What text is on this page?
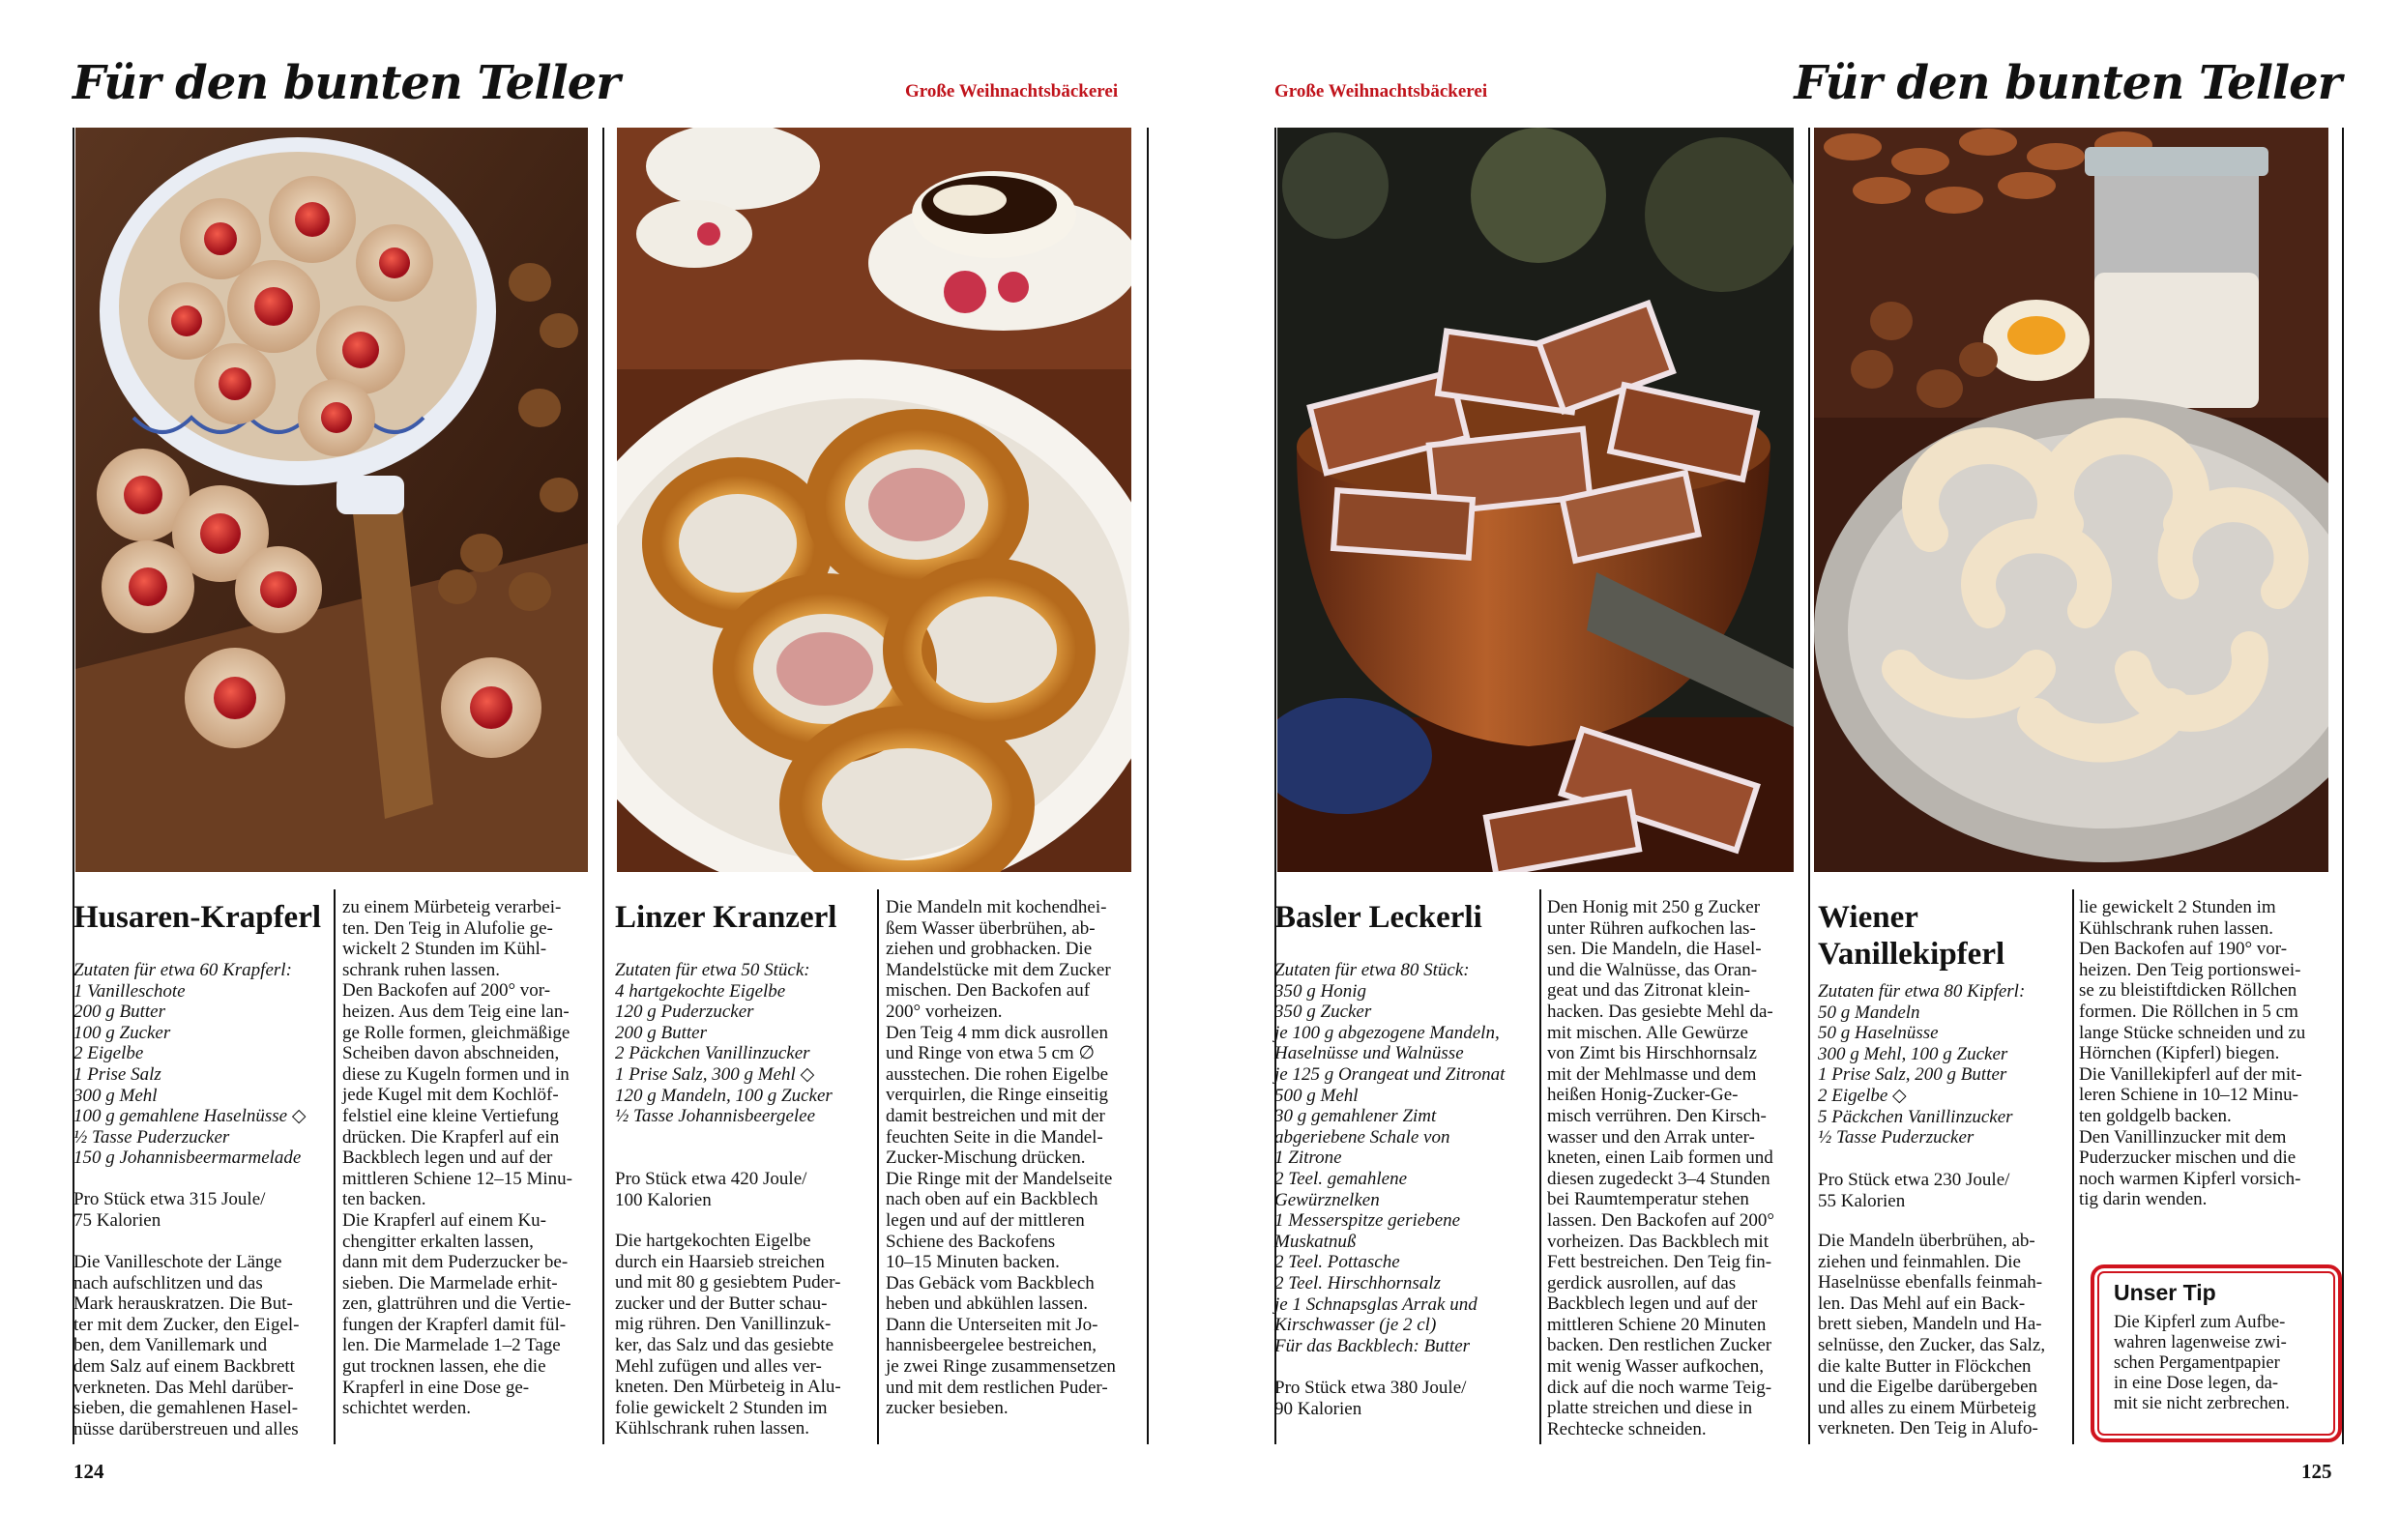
Für den bunten Teller	Große Weihnachtsbäckerei	Große Weihnachtsbäckerei	Für den bunten Teller
Husaren-Krapferl
Zutaten für etwa 60 Krapferl:
1 Vanilleschote
200 g Butter
100 g Zucker
2 Eigelbe
1 Prise Salz
300 g Mehl
100 g gemahlene Haselnüsse ◇
½ Tasse Puderzucker
150 g Johannisbeermarmelade
Pro Stück etwa 315 Joule/
75 Kalorien
Die Vanilleschote der Länge
nach aufschlitzen und das
Mark herauskratzen. Die But-
ter mit dem Zucker, den Eigel-
ben, dem Vanillemark und
dem Salz auf einem Backbrett
verkneten. Das Mehl darüber-
sieben, die gemahlenen Hasel-
nüsse darüberstreuen und alles
zu einem Mürbeteig verarbei-
ten. Den Teig in Alufolie ge-
wickelt 2 Stunden im Kühl-
schrank ruhen lassen.
Den Backofen auf 200° vor-
heizen. Aus dem Teig eine lan-
ge Rolle formen, gleichmäßige
Scheiben davon abschneiden,
diese zu Kugeln formen und in
jede Kugel mit dem Kochlöf-
felstiel eine kleine Vertiefung
drücken. Die Krapferl auf ein
Backblech legen und auf der
mittleren Schiene 12–15 Minu-
ten backen.
Die Krapferl auf einem Ku-
chengitter erkalten lassen,
dann mit dem Puderzucker be-
sieben. Die Marmelade erhit-
zen, glattrühren und die Vertie-
fungen der Krapferl damit fül-
len. Die Marmelade 1–2 Tage
gut trocknen lassen, ehe die
Krapferl in eine Dose ge-
schichtet werden.
Linzer Kranzerl
Zutaten für etwa 50 Stück:
4 hartgekochte Eigelbe
120 g Puderzucker
200 g Butter
2 Päckchen Vanillinzucker
1 Prise Salz, 300 g Mehl ◇
120 g Mandeln, 100 g Zucker
½ Tasse Johannisbeergelee
Pro Stück etwa 420 Joule/
100 Kalorien
Die hartgekochten Eigelbe
durch ein Haarsieb streichen
und mit 80 g gesiebtem Puder-
zucker und der Butter schau-
mig rühren. Den Vanillinzuk-
ker, das Salz und das gesiebte
Mehl zufügen und alles ver-
kneten. Den Mürbeteig in Alu-
folie gewickelt 2 Stunden im
Kühlschrank ruhen lassen.
Die Mandeln mit kochendhei-
ßem Wasser überbrühen, ab-
ziehen und grobhacken. Die
Mandelstücke mit dem Zucker
mischen. Den Backofen auf
200° vorheizen.
Den Teig 4 mm dick ausrollen
und Ringe von etwa 5 cm ∅
ausstechen. Die rohen Eigelbe
verquirlen, die Ringe einseitig
damit bestreichen und mit der
feuchten Seite in die Mandel-
Zucker-Mischung drücken.
Die Ringe mit der Mandelseite
nach oben auf ein Backblech
legen und auf der mittleren
Schiene des Backofens
10–15 Minuten backen.
Das Gebäck vom Backblech
heben und abkühlen lassen.
Dann die Unterseiten mit Jo-
hannisbeergelee bestreichen,
je zwei Ringe zusammensetzen
und mit dem restlichen Puder-
zucker besieben.
Basler Leckerli
Zutaten für etwa 80 Stück:
350 g Honig
350 g Zucker
je 100 g abgezogene Mandeln,
Haselnüsse und Walnüsse
je 125 g Orangeat und Zitronat
500 g Mehl
30 g gemahlener Zimt
abgeriebene Schale von
1 Zitrone
2 Teel. gemahlene
Gewürznelken
1 Messerspitze geriebene
Muskatnuß
2 Teel. Pottasche
2 Teel. Hirschhornsalz
je 1 Schnapsglas Arrak und
Kirschwasser (je 2 cl)
Für das Backblech: Butter
Pro Stück etwa 380 Joule/
90 Kalorien
Den Honig mit 250 g Zucker
unter Rühren aufkochen las-
sen. Die Mandeln, die Hasel-
und die Walnüsse, das Oran-
geat und das Zitronat klein-
hacken. Das gesiebte Mehl da-
mit mischen. Alle Gewürze
von Zimt bis Hirschhornsalz
mit der Mehlmasse und dem
heißen Honig-Zucker-Ge-
misch verrühren. Den Kirsch-
wasser und den Arrak unter-
kneten, einen Laib formen und
diesen zugedeckt 3–4 Stunden
bei Raumtemperatur stehen
lassen. Den Backofen auf 200°
vorheizen. Das Backblech mit
Fett bestreichen. Den Teig fin-
gerdick ausrollen, auf das
Backblech legen und auf der
mittleren Schiene 20 Minuten
backen. Den restlichen Zucker
mit wenig Wasser aufkochen,
dick auf die noch warme Teig-
platte streichen und diese in
Rechtecke schneiden.
Wiener
Vanillekipferl
Zutaten für etwa 80 Kipferl:
50 g Mandeln
50 g Haselnüsse
300 g Mehl, 100 g Zucker
1 Prise Salz, 200 g Butter
2 Eigelbe ◇
5 Päckchen Vanillinzucker
½ Tasse Puderzucker
Pro Stück etwa 230 Joule/
55 Kalorien
Die Mandeln überbrühen, ab-
ziehen und feinmahlen. Die
Haselnüsse ebenfalls feinmah-
len. Das Mehl auf ein Back-
brett sieben, Mandeln und Ha-
selnüsse, den Zucker, das Salz,
die kalte Butter in Flöckchen
und die Eigelbe darübergeben
und alles zu einem Mürbeteig
verkneten. Den Teig in Alufo-
lie gewickelt 2 Stunden im
Kühlschrank ruhen lassen.
Den Backofen auf 190° vor-
heizen. Den Teig portionswei-
se zu bleistiftdicken Röllchen
formen. Die Röllchen in 5 cm
lange Stücke schneiden und zu
Hörnchen (Kipferl) biegen.
Die Vanillekipferl auf der mit-
leren Schiene in 10–12 Minu-
ten goldgelb backen.
Den Vanillinzucker mit dem
Puderzucker mischen und die
noch warmen Kipferl vorsich-
tig darin wenden.
Unser Tip
Die Kipferl zum Aufbe-
wahren lagenweise zwi-
schen Pergamentpapier
in eine Dose legen, da-
mit sie nicht zerbrechen.
124	125
